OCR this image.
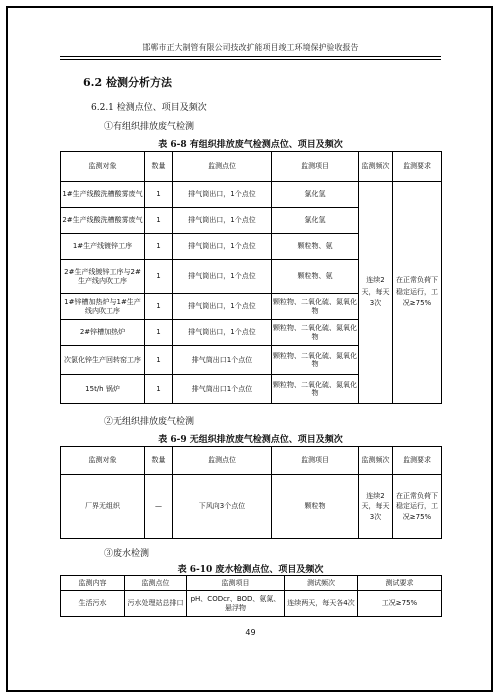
邯郸市正大制管有限公司技改扩能项目竣工环境保护验收报告
6.2 检测分析方法
6.2.1 检测点位、项目及频次
①有组织排放废气检测
表 6-8 有组织排放废气检测点位、项目及频次
监测对象	数量	监测点位	监测项目	监测频次	监测要求
1#生产线酸洗槽酸雾废气	1	排气筒出口，1个点位	氯化氢	连续2天，每天3次	在正常负荷下稳定运行，工况≥75%
2#生产线酸洗槽酸雾废气	1	排气筒出口，1个点位	氯化氢		
1#生产线镀锌工序	1	排气筒出口，1个点位	颗粒物、氨		
2#生产线镀锌工序与2#生产线内吹工序	1	排气筒出口，1个点位	颗粒物、氨		
1#锌槽加热炉与1#生产线内吹工序	1	排气筒出口，1个点位	颗粒物、二氧化硫、氮氧化物		
2#锌槽加热炉	1	排气筒出口，1个点位	颗粒物、二氧化硫、氮氧化物		
次氯化锌生产回转窑工序	1	排气筒出口1个点位	颗粒物、二氧化硫、氮氧化物		
15t/h 锅炉	1	排气筒出口1个点位	颗粒物、二氧化硫、氮氧化物		
②无组织排放废气检测
表 6-9 无组织排放废气检测点位、项目及频次
监测对象	数量	监测点位	监测项目	监测频次	监测要求
厂界无组织	—	下风向3个点位	颗粒物	连续2天，每天3次	在正常负荷下稳定运行，工况≥75%
③废水检测
表 6-10 废水检测点位、项目及频次
监测内容	监测点位	监测项目	测试频次	测试要求
生活污水	污水处理站总排口	pH、CODcr、BOD、氨氮、悬浮物	连续两天，每天各4次	工况≥75%
49
